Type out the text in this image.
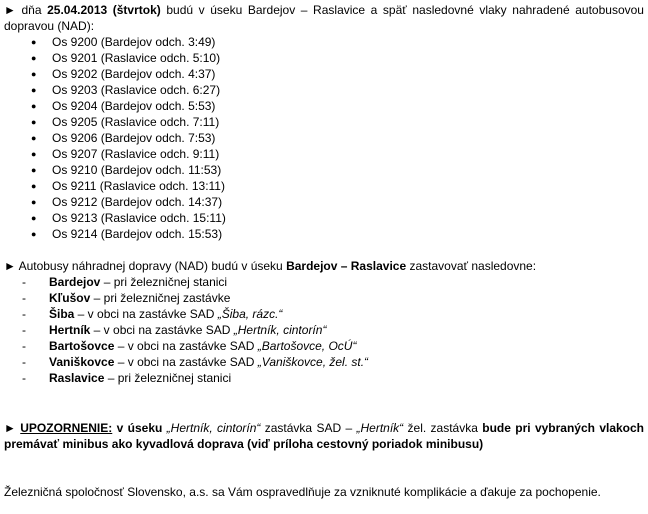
► dňa 25.04.2013 (štvrtok) budú v úseku Bardejov – Raslavice a späť nasledovné vlaky nahradené autobusovou dopravou (NAD):

● Os 9200 (Bardejov odch. 3:49)
● Os 9201 (Raslavice odch. 5:10)
● Os 9202 (Bardejov odch. 4:37)
● Os 9203 (Raslavice odch. 6:27)
● Os 9204 (Bardejov odch. 5:53)
● Os 9205 (Raslavice odch. 7:11)
● Os 9206 (Bardejov odch. 7:53)
● Os 9207 (Raslavice odch. 9:11)
● Os 9210 (Bardejov odch. 11:53)
● Os 9211 (Raslavice odch. 13:11)
● Os 9212 (Bardejov odch. 14:37)
● Os 9213 (Raslavice odch. 15:11)
● Os 9214 (Bardejov odch. 15:53)

► Autobusy náhradnej dopravy (NAD) budú v úseku Bardejov – Raslavice zastavovať nasledovne:

- Bardejov – pri železničnej stanici
- Kľušov – pri železničnej zastávke
- Šiba – v obci na zastávke SAD „Šiba, rázc.“
- Hertník – v obci na zastávke SAD „Hertník, cintorín“
- Bartošovce – v obci na zastávke SAD „Bartošovce, OcÚ“
- Vaniškovce – v obci na zastávke SAD „Vaniškovce, žel. st.“
- Raslavice – pri železničnej stanici

► UPOZORNENIE: v úseku „Hertník, cintorín“ zastávka SAD – „Hertník“ žel. zastávka bude pri vybraných vlakoch premávať minibus ako kyvadlová doprava (viď príloha cestovný poriadok minibusu)

Železničná spoločnosť Slovensko, a.s. sa Vám ospravedlňuje za vzniknuté komplikácie a ďakuje za pochopenie.
